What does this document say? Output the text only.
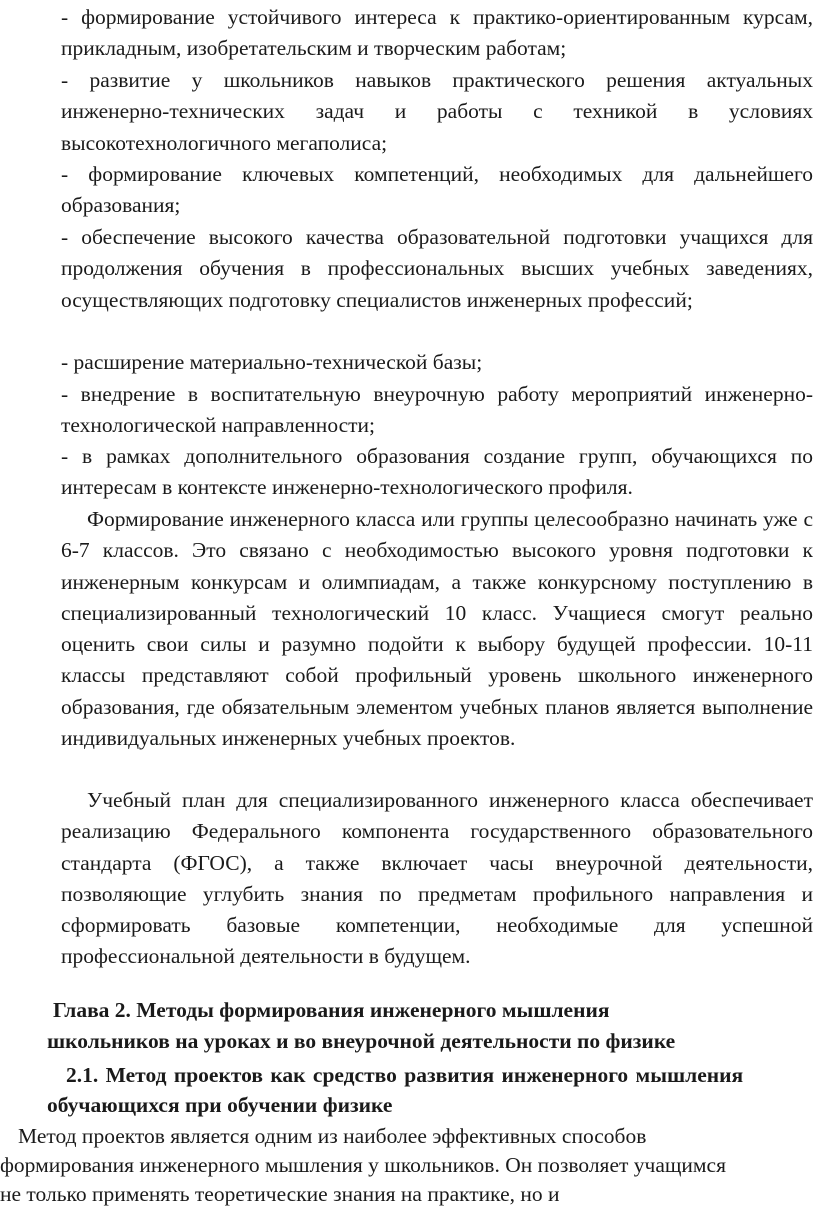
- формирование устойчивого интереса к практико-ориентированным курсам, прикладным, изобретательским и творческим работам;

- развитие у школьников навыков практического решения актуальных инженерно-технических задач и работы с техникой в условиях высокотехнологичного мегаполиса;

- формирование ключевых компетенций, необходимых для дальнейшего образования;

- обеспечение высокого качества образовательной подготовки учащихся для продолжения обучения в профессиональных высших учебных заведениях, осуществляющих подготовку специалистов инженерных профессий;

- расширение материально-технической базы;

- внедрение в воспитательную внеурочную работу мероприятий инженерно-технологической направленности;

- в рамках дополнительного образования создание групп, обучающихся по интересам в контексте инженерно-технологического профиля.

Формирование инженерного класса или группы целесообразно начинать уже с 6-7 классов. Это связано с необходимостью высокого уровня подготовки к инженерным конкурсам и олимпиадам, а также конкурсному поступлению в специализированный технологический 10 класс. Учащиеся смогут реально оценить свои силы и разумно подойти к выбору будущей профессии. 10-11 классы представляют собой профильный уровень школьного инженерного образования, где обязательным элементом учебных планов является выполнение индивидуальных инженерных учебных проектов.

Учебный план для специализированного инженерного класса обеспечивает реализацию Федерального компонента государственного образовательного стандарта (ФГОС), а также включает часы внеурочной деятельности, позволяющие углубить знания по предметам профильного направления и сформировать базовые компетенции, необходимые для успешной профессиональной деятельности в будущем.

Глава 2. Методы формирования инженерного мышления

школьников на уроках и во внеурочной деятельности по физике

2.1. Метод проектов как средство развития инженерного мышления

обучающихся при обучении физике

Метод проектов является одним из наиболее эффективных способов

формирования инженерного мышления у школьников. Он позволяет учащимся

не только применять теоретические знания на практике, но и
